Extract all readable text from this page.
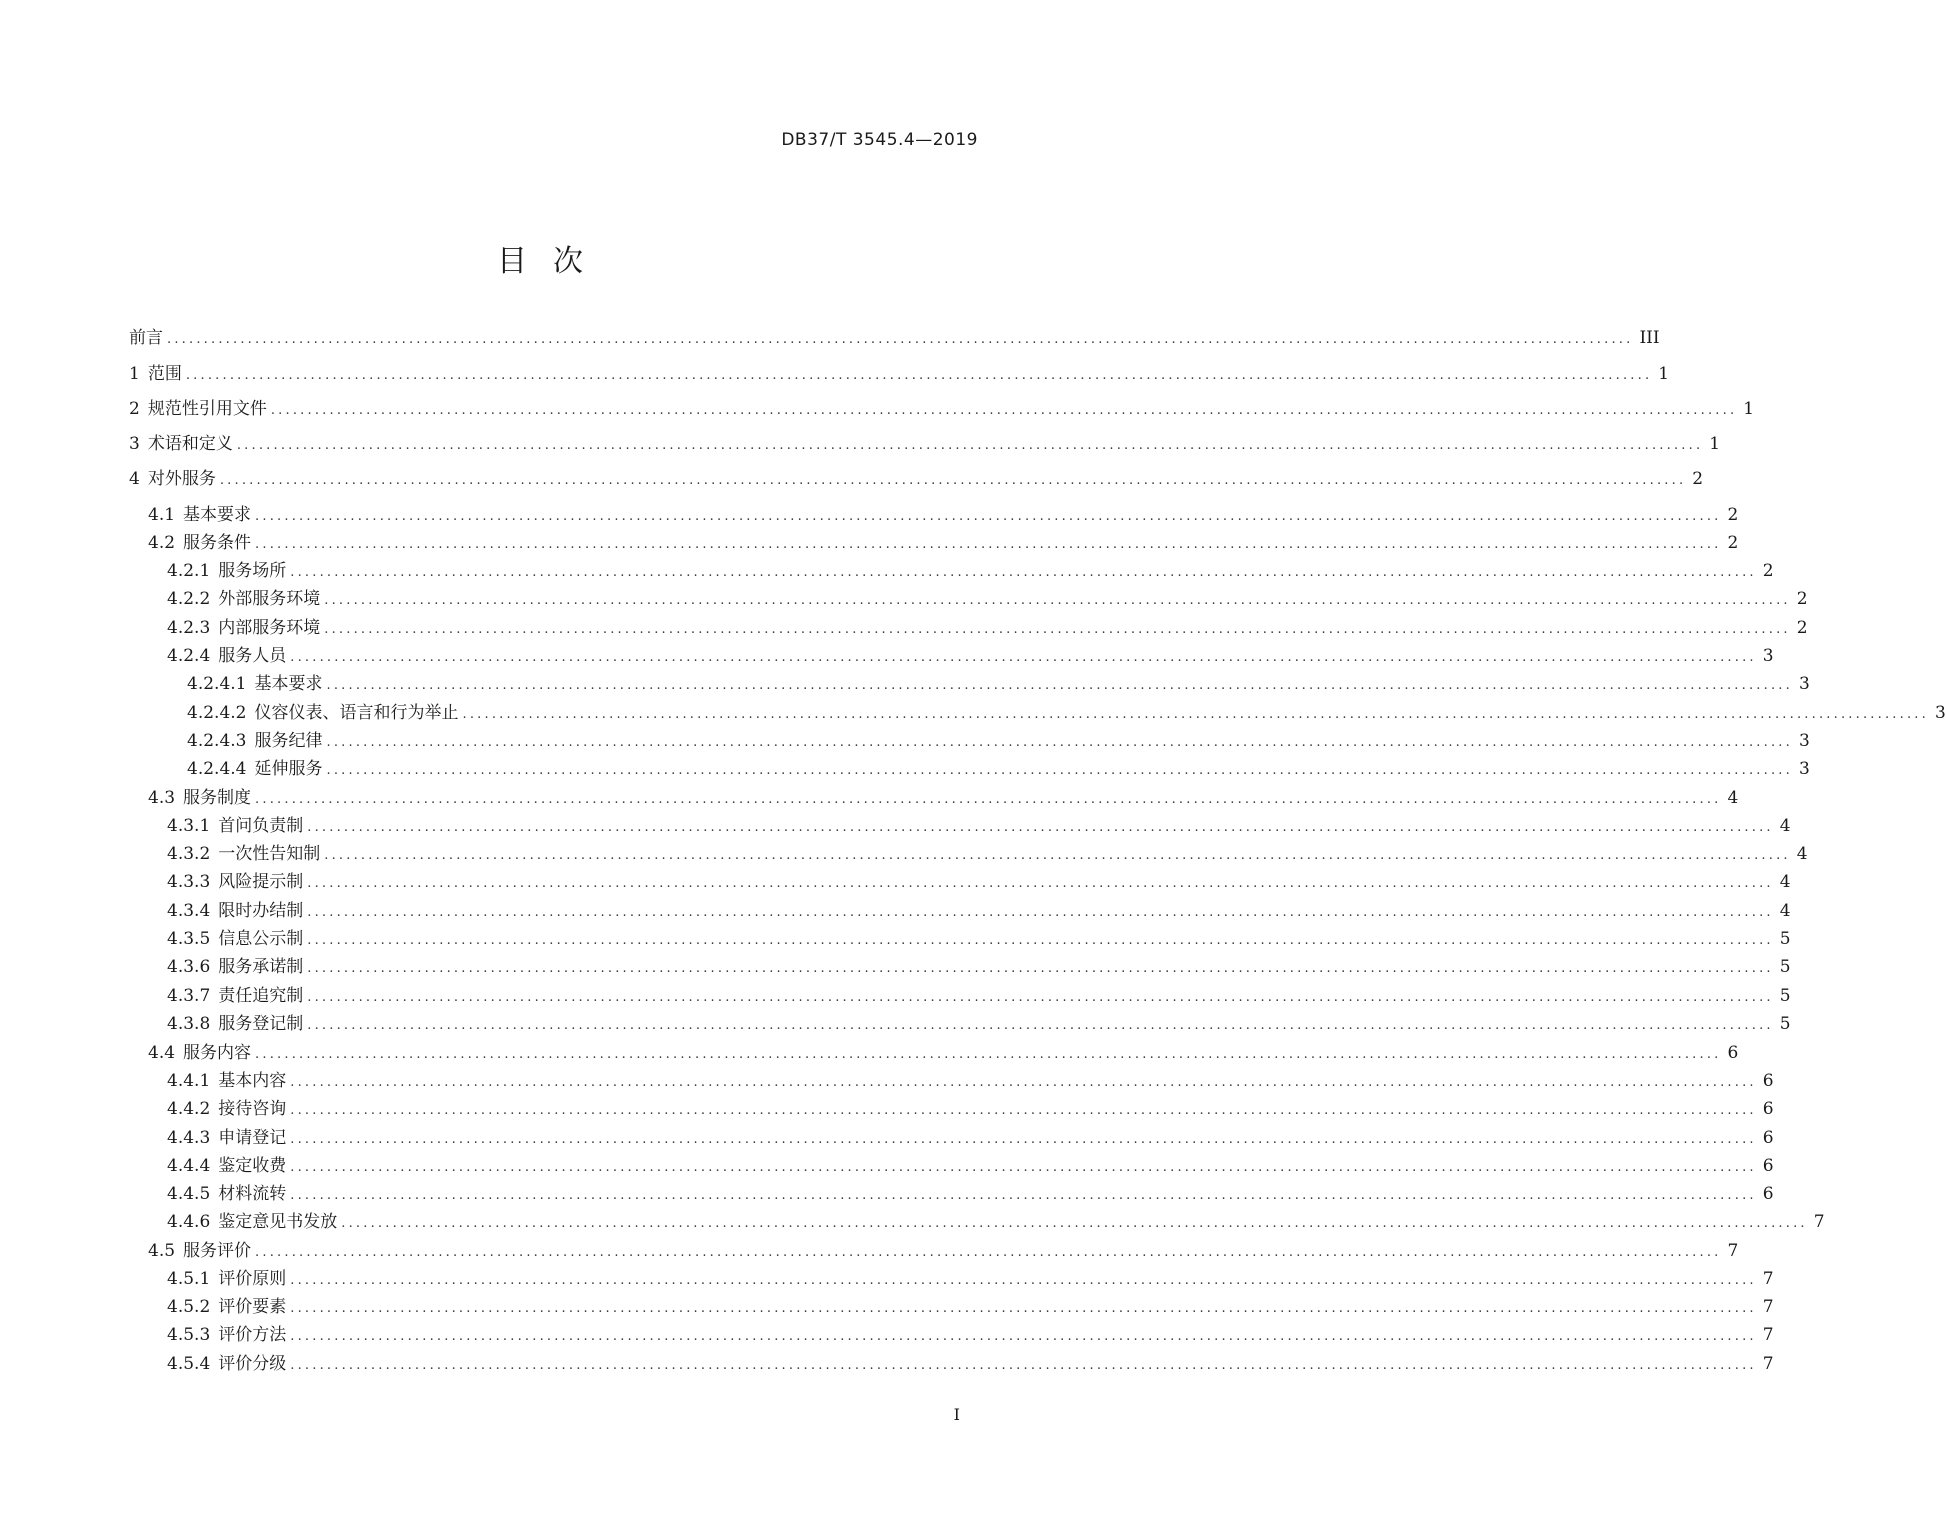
DB37/T 3545.4—2019
目次
前言 ........................................................................................................................................................................................................ III
1 范围 ........................................................................................................................................................................................................ 1
2 规范性引用文件 ........................................................................................................................................................................................................ 1
3 术语和定义 ........................................................................................................................................................................................................ 1
4 对外服务 ........................................................................................................................................................................................................ 2
4.1 基本要求 ........................................................................................................................................................................................................ 2
4.2 服务条件 ........................................................................................................................................................................................................ 2
4.2.1 服务场所 ........................................................................................................................................................................................................ 2
4.2.2 外部服务环境 ........................................................................................................................................................................................................ 2
4.2.3 内部服务环境 ........................................................................................................................................................................................................ 2
4.2.4 服务人员 ........................................................................................................................................................................................................ 3
4.2.4.1 基本要求 ........................................................................................................................................................................................................ 3
4.2.4.2 仪容仪表、语言和行为举止 ........................................................................................................................................................................................................ 3
4.2.4.3 服务纪律 ........................................................................................................................................................................................................ 3
4.2.4.4 延伸服务 ........................................................................................................................................................................................................ 3
4.3 服务制度 ........................................................................................................................................................................................................ 4
4.3.1 首问负责制 ........................................................................................................................................................................................................ 4
4.3.2 一次性告知制 ........................................................................................................................................................................................................ 4
4.3.3 风险提示制 ........................................................................................................................................................................................................ 4
4.3.4 限时办结制 ........................................................................................................................................................................................................ 4
4.3.5 信息公示制 ........................................................................................................................................................................................................ 5
4.3.6 服务承诺制 ........................................................................................................................................................................................................ 5
4.3.7 责任追究制 ........................................................................................................................................................................................................ 5
4.3.8 服务登记制 ........................................................................................................................................................................................................ 5
4.4 服务内容 ........................................................................................................................................................................................................ 6
4.4.1 基本内容 ........................................................................................................................................................................................................ 6
4.4.2 接待咨询 ........................................................................................................................................................................................................ 6
4.4.3 申请登记 ........................................................................................................................................................................................................ 6
4.4.4 鉴定收费 ........................................................................................................................................................................................................ 6
4.4.5 材料流转 ........................................................................................................................................................................................................ 6
4.4.6 鉴定意见书发放 ........................................................................................................................................................................................................ 7
4.5 服务评价 ........................................................................................................................................................................................................ 7
4.5.1 评价原则 ........................................................................................................................................................................................................ 7
4.5.2 评价要素 ........................................................................................................................................................................................................ 7
4.5.3 评价方法 ........................................................................................................................................................................................................ 7
4.5.4 评价分级 ........................................................................................................................................................................................................ 7
I
